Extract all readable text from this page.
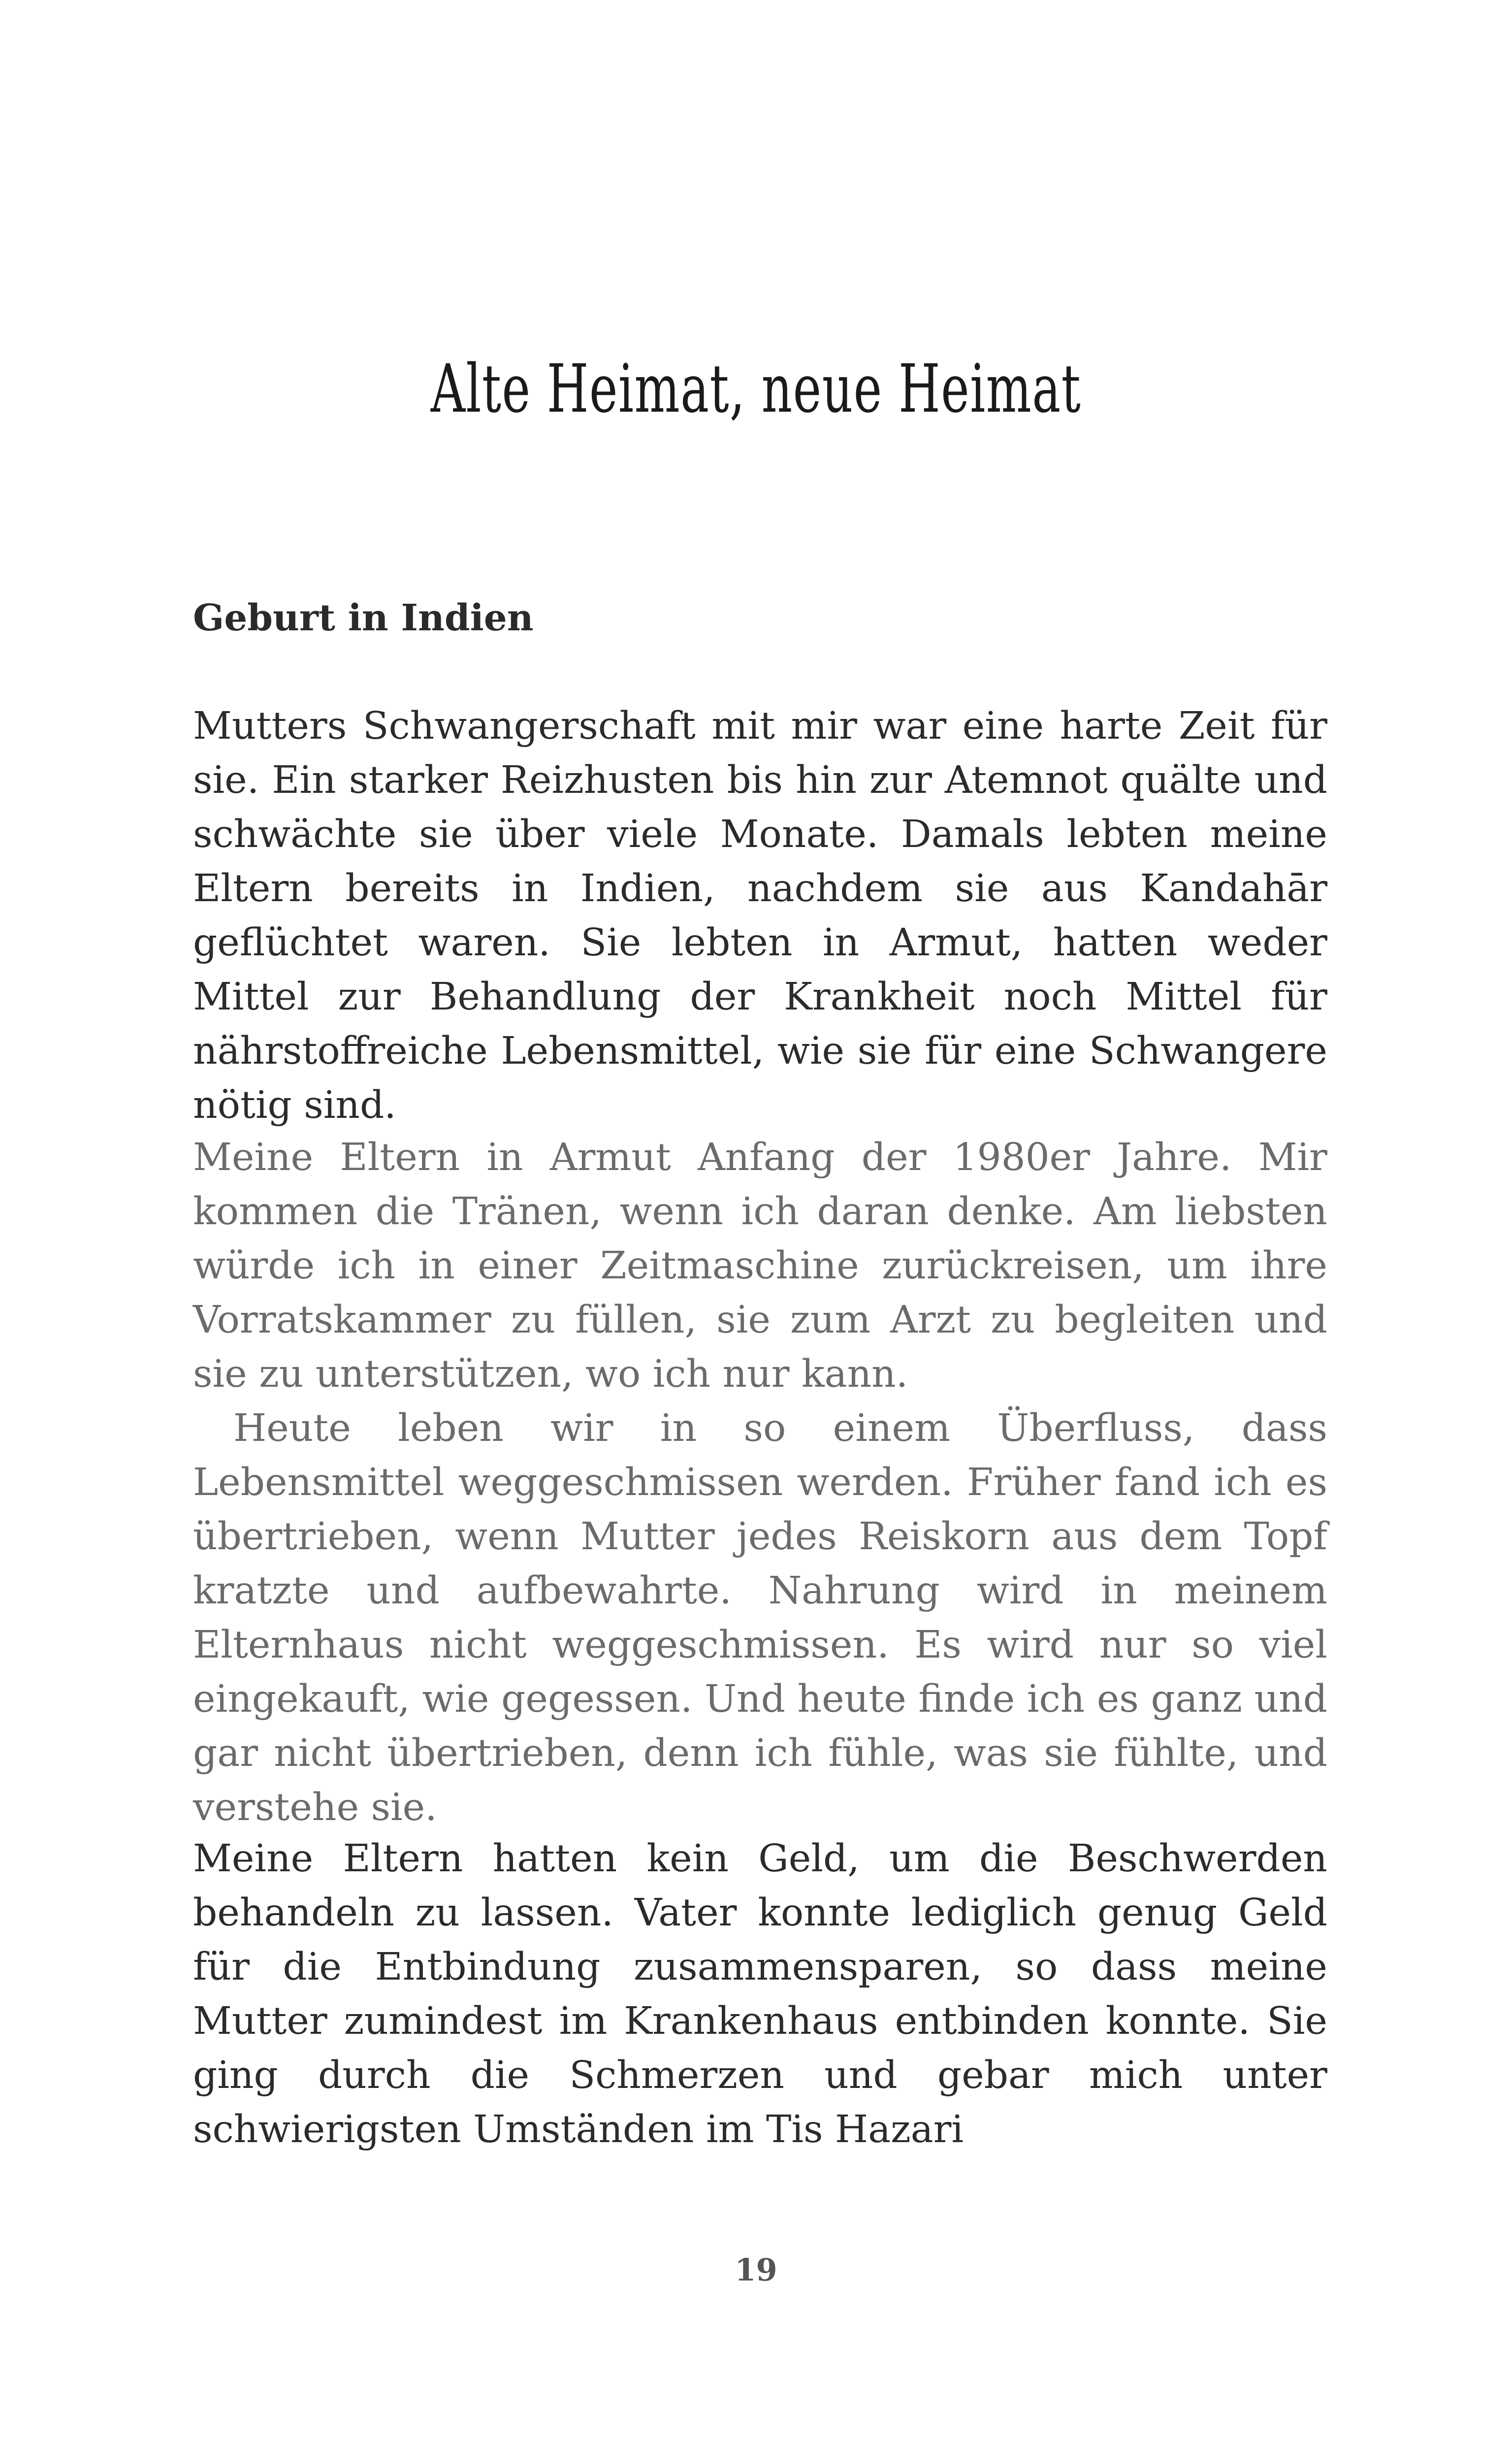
Alte Heimat, neue Heimat
Geburt in Indien

Mutters Schwangerschaft mit mir war eine harte Zeit für sie. Ein starker Reizhusten bis hin zur Atemnot quälte und schwächte sie über viele Monate. Damals lebten meine Eltern bereits in Indien, nachdem sie aus Kandahār geflüchtet waren. Sie lebten in Armut, hatten weder Mittel zur Behandlung der Krankheit noch Mittel für nährstoffreiche Lebensmittel, wie sie für eine Schwangere nötig sind.

Meine Eltern in Armut Anfang der 1980er Jahre. Mir kommen die Tränen, wenn ich daran denke. Am liebsten würde ich in einer Zeitmaschine zurückreisen, um ihre Vorratskammer zu füllen, sie zum Arzt zu begleiten und sie zu unterstützen, wo ich nur kann.

Heute leben wir in so einem Überfluss, dass Lebensmittel weggeschmissen werden. Früher fand ich es übertrieben, wenn Mutter jedes Reiskorn aus dem Topf kratzte und aufbewahrte. Nahrung wird in meinem Elternhaus nicht weggeschmissen. Es wird nur so viel eingekauft, wie gegessen. Und heute finde ich es ganz und gar nicht übertrieben, denn ich fühle, was sie fühlte, und verstehe sie.

Meine Eltern hatten kein Geld, um die Beschwerden behandeln zu lassen. Vater konnte lediglich genug Geld für die Entbindung zusammensparen, so dass meine Mutter zumindest im Krankenhaus entbinden konnte. Sie ging durch die Schmerzen und gebar mich unter schwierigsten Umständen im Tis Hazari

19
